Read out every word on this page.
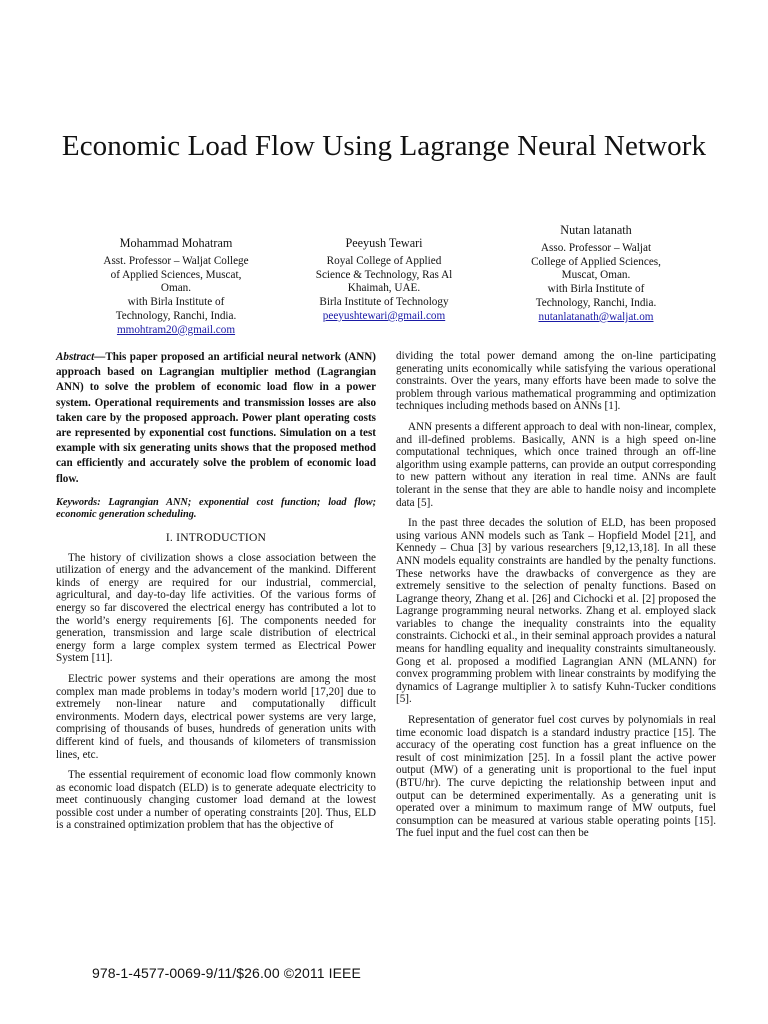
Economic Load Flow Using Lagrange Neural Network
Mohammad Mohatram
Asst. Professor – Waljat College
of Applied Sciences, Muscat,
Oman.
with Birla Institute of
Technology, Ranchi, India.
mmohtram20@gmail.com
Peeyush Tewari
Royal College of Applied
Science & Technology, Ras Al
Khaimah, UAE.
Birla Institute of Technology
peeyushtewari@gmail.com
Nutan latanath
Asso. Professor – Waljat
College of Applied Sciences,
Muscat, Oman.
with Birla Institute of
Technology, Ranchi, India.
nutanlatanath@waljat.om

Abstract—This paper proposed an artificial neural network (ANN) approach based on Lagrangian multiplier method (Lagrangian ANN) to solve the problem of economic load flow in a power system. Operational requirements and transmission losses are also taken care by the proposed approach. Power plant operating costs are represented by exponential cost functions. Simulation on a test example with six generating units shows that the proposed method can efficiently and accurately solve the problem of economic load flow.

Keywords: Lagrangian ANN; exponential cost function; load flow; economic generation scheduling.

I. INTRODUCTION

The history of civilization shows a close association between the utilization of energy and the advancement of the mankind. Different kinds of energy are required for our industrial, commercial, agricultural, and day-to-day life activities. Of the various forms of energy so far discovered the electrical energy has contributed a lot to the world’s energy requirements [6]. The components needed for generation, transmission and large scale distribution of electrical energy form a large complex system termed as Electrical Power System [11].

Electric power systems and their operations are among the most complex man made problems in today’s modern world [17,20] due to extremely non-linear nature and computationally difficult environments. Modern days, electrical power systems are very large, comprising of thousands of buses, hundreds of generation units with different kind of fuels, and thousands of kilometers of transmission lines, etc.

The essential requirement of economic load flow commonly known as economic load dispatch (ELD) is to generate adequate electricity to meet continuously changing customer load demand at the lowest possible cost under a number of operating constraints [20]. Thus, ELD is a constrained optimization problem that has the objective of

dividing the total power demand among the on-line participating generating units economically while satisfying the various operational constraints. Over the years, many efforts have been made to solve the problem through various mathematical programming and optimization techniques including methods based on ANNs [1].

ANN presents a different approach to deal with non-linear, complex, and ill-defined problems. Basically, ANN is a high speed on-line computational techniques, which once trained through an off-line algorithm using example patterns, can provide an output corresponding to new pattern without any iteration in real time. ANNs are fault tolerant in the sense that they are able to handle noisy and incomplete data [5].

In the past three decades the solution of ELD, has been proposed using various ANN models such as Tank – Hopfield Model [21], and Kennedy – Chua [3] by various researchers [9,12,13,18]. In all these ANN models equality constraints are handled by the penalty functions. These networks have the drawbacks of convergence as they are extremely sensitive to the selection of penalty functions. Based on Lagrange theory, Zhang et al. [26] and Cichocki et al. [2] proposed the Lagrange programming neural networks. Zhang et al. employed slack variables to change the inequality constraints into the equality constraints. Cichocki et al., in their seminal approach provides a natural means for handling equality and inequality constraints simultaneously. Gong et al. proposed a modified Lagrangian ANN (MLANN) for convex programming problem with linear constraints by modifying the dynamics of Lagrange multiplier λ to satisfy Kuhn-Tucker conditions [5].

Representation of generator fuel cost curves by polynomials in real time economic load dispatch is a standard industry practice [15]. The accuracy of the operating cost function has a great influence on the result of cost minimization [25]. In a fossil plant the active power output (MW) of a generating unit is proportional to the fuel input (BTU/hr). The curve depicting the relationship between input and output can be determined experimentally. As a generating unit is operated over a minimum to maximum range of MW outputs, fuel consumption can be measured at various stable operating points [15]. The fuel input and the fuel cost can then be

978-1-4577-0069-9/11/$26.00 ©2011 IEEE
